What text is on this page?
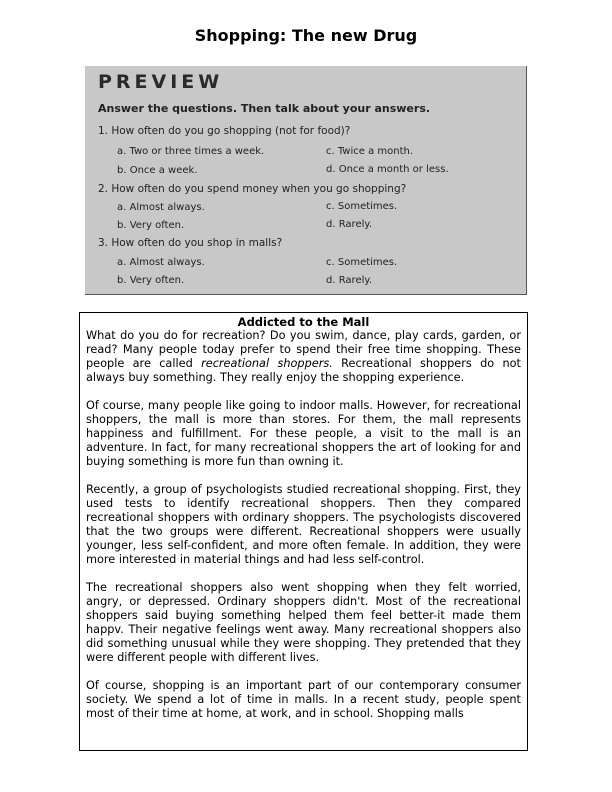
Shopping: The new Drug
PREVIEW
Answer the questions. Then talk about your answers.
1. How often do you go shopping (not for food)?
a. Two or three times a week.	c. Twice a month.
b. Once a week.	d. Once a month or less.
2. How often do you spend money when you go shopping?
a. Almost always.	c. Sometimes.
b. Very often.	d. Rarely.
3. How often do you shop in malls?
a. Almost always.	c. Sometimes.
b. Very often.	d. Rarely.
Addicted to the Mall

What do you do for recreation? Do you swim, dance, play cards, garden, or read? Many people today prefer to spend their free time shopping. These people are called recreational shoppers. Recreational shoppers do not always buy something. They really enjoy the shopping experience.

Of course, many people like going to indoor malls. However, for recreational shoppers, the mall is more than stores. For them, the mall represents happiness and fulfillment. For these people, a visit to the mall is an adventure. In fact, for many recreational shoppers the art of looking for and buying something is more fun than owning it.

Recently, a group of psychologists studied recreational shopping. First, they used tests to identify recreational shoppers. Then they compared recreational shoppers with ordinary shoppers. The psychologists discovered that the two groups were different. Recreational shoppers were usually younger, less self-confident, and more often female. In addition, they were more interested in material things and had less self-control.

The recreational shoppers also went shopping when they felt worried, angry, or depressed. Ordinary shoppers didn't. Most of the recreational shoppers said buying something helped them feel better-it made them happv. Their negative feelings went away. Many recreational shoppers also did something unusual while they were shopping. They pretended that they were different people with different lives.

Of course, shopping is an important part of our contemporary consumer society. We spend a lot of time in malls. In a recent study, people spent most of their time at home, at work, and in school. Shopping malls
